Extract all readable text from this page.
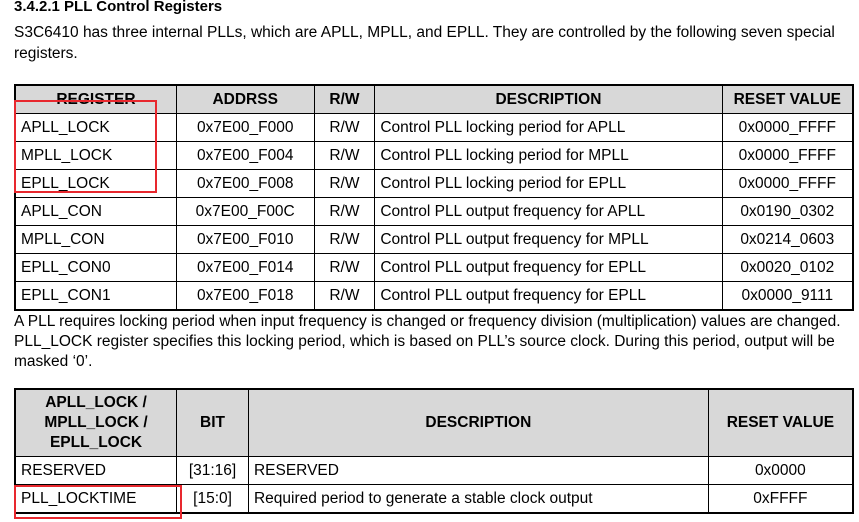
3.4.2.1 PLL Control Registers
S3C6410 has three internal PLLs, which are APLL, MPLL, and EPLL. They are controlled by the following seven special registers.
REGISTER	ADDRSS	R/W	DESCRIPTION	RESET VALUE
APLL_LOCK	0x7E00_F000	R/W	Control PLL locking period for APLL	0x0000_FFFF
MPLL_LOCK	0x7E00_F004	R/W	Control PLL locking period for MPLL	0x0000_FFFF
EPLL_LOCK	0x7E00_F008	R/W	Control PLL locking period for EPLL	0x0000_FFFF
APLL_CON	0x7E00_F00C	R/W	Control PLL output frequency for APLL	0x0190_0302
MPLL_CON	0x7E00_F010	R/W	Control PLL output frequency for MPLL	0x0214_0603
EPLL_CON0	0x7E00_F014	R/W	Control PLL output frequency for EPLL	0x0020_0102
EPLL_CON1	0x7E00_F018	R/W	Control PLL output frequency for EPLL	0x0000_9111
A PLL requires locking period when input frequency is changed or frequency division (multiplication) values are changed. PLL_LOCK register specifies this locking period, which is based on PLL’s source clock. During this period, output will be masked ‘0’.
APLL_LOCK /
MPLL_LOCK /
EPLL_LOCK	BIT	DESCRIPTION	RESET VALUE
RESERVED	[31:16]	RESERVED	0x0000
PLL_LOCKTIME	[15:0]	Required period to generate a stable clock output	0xFFFF
